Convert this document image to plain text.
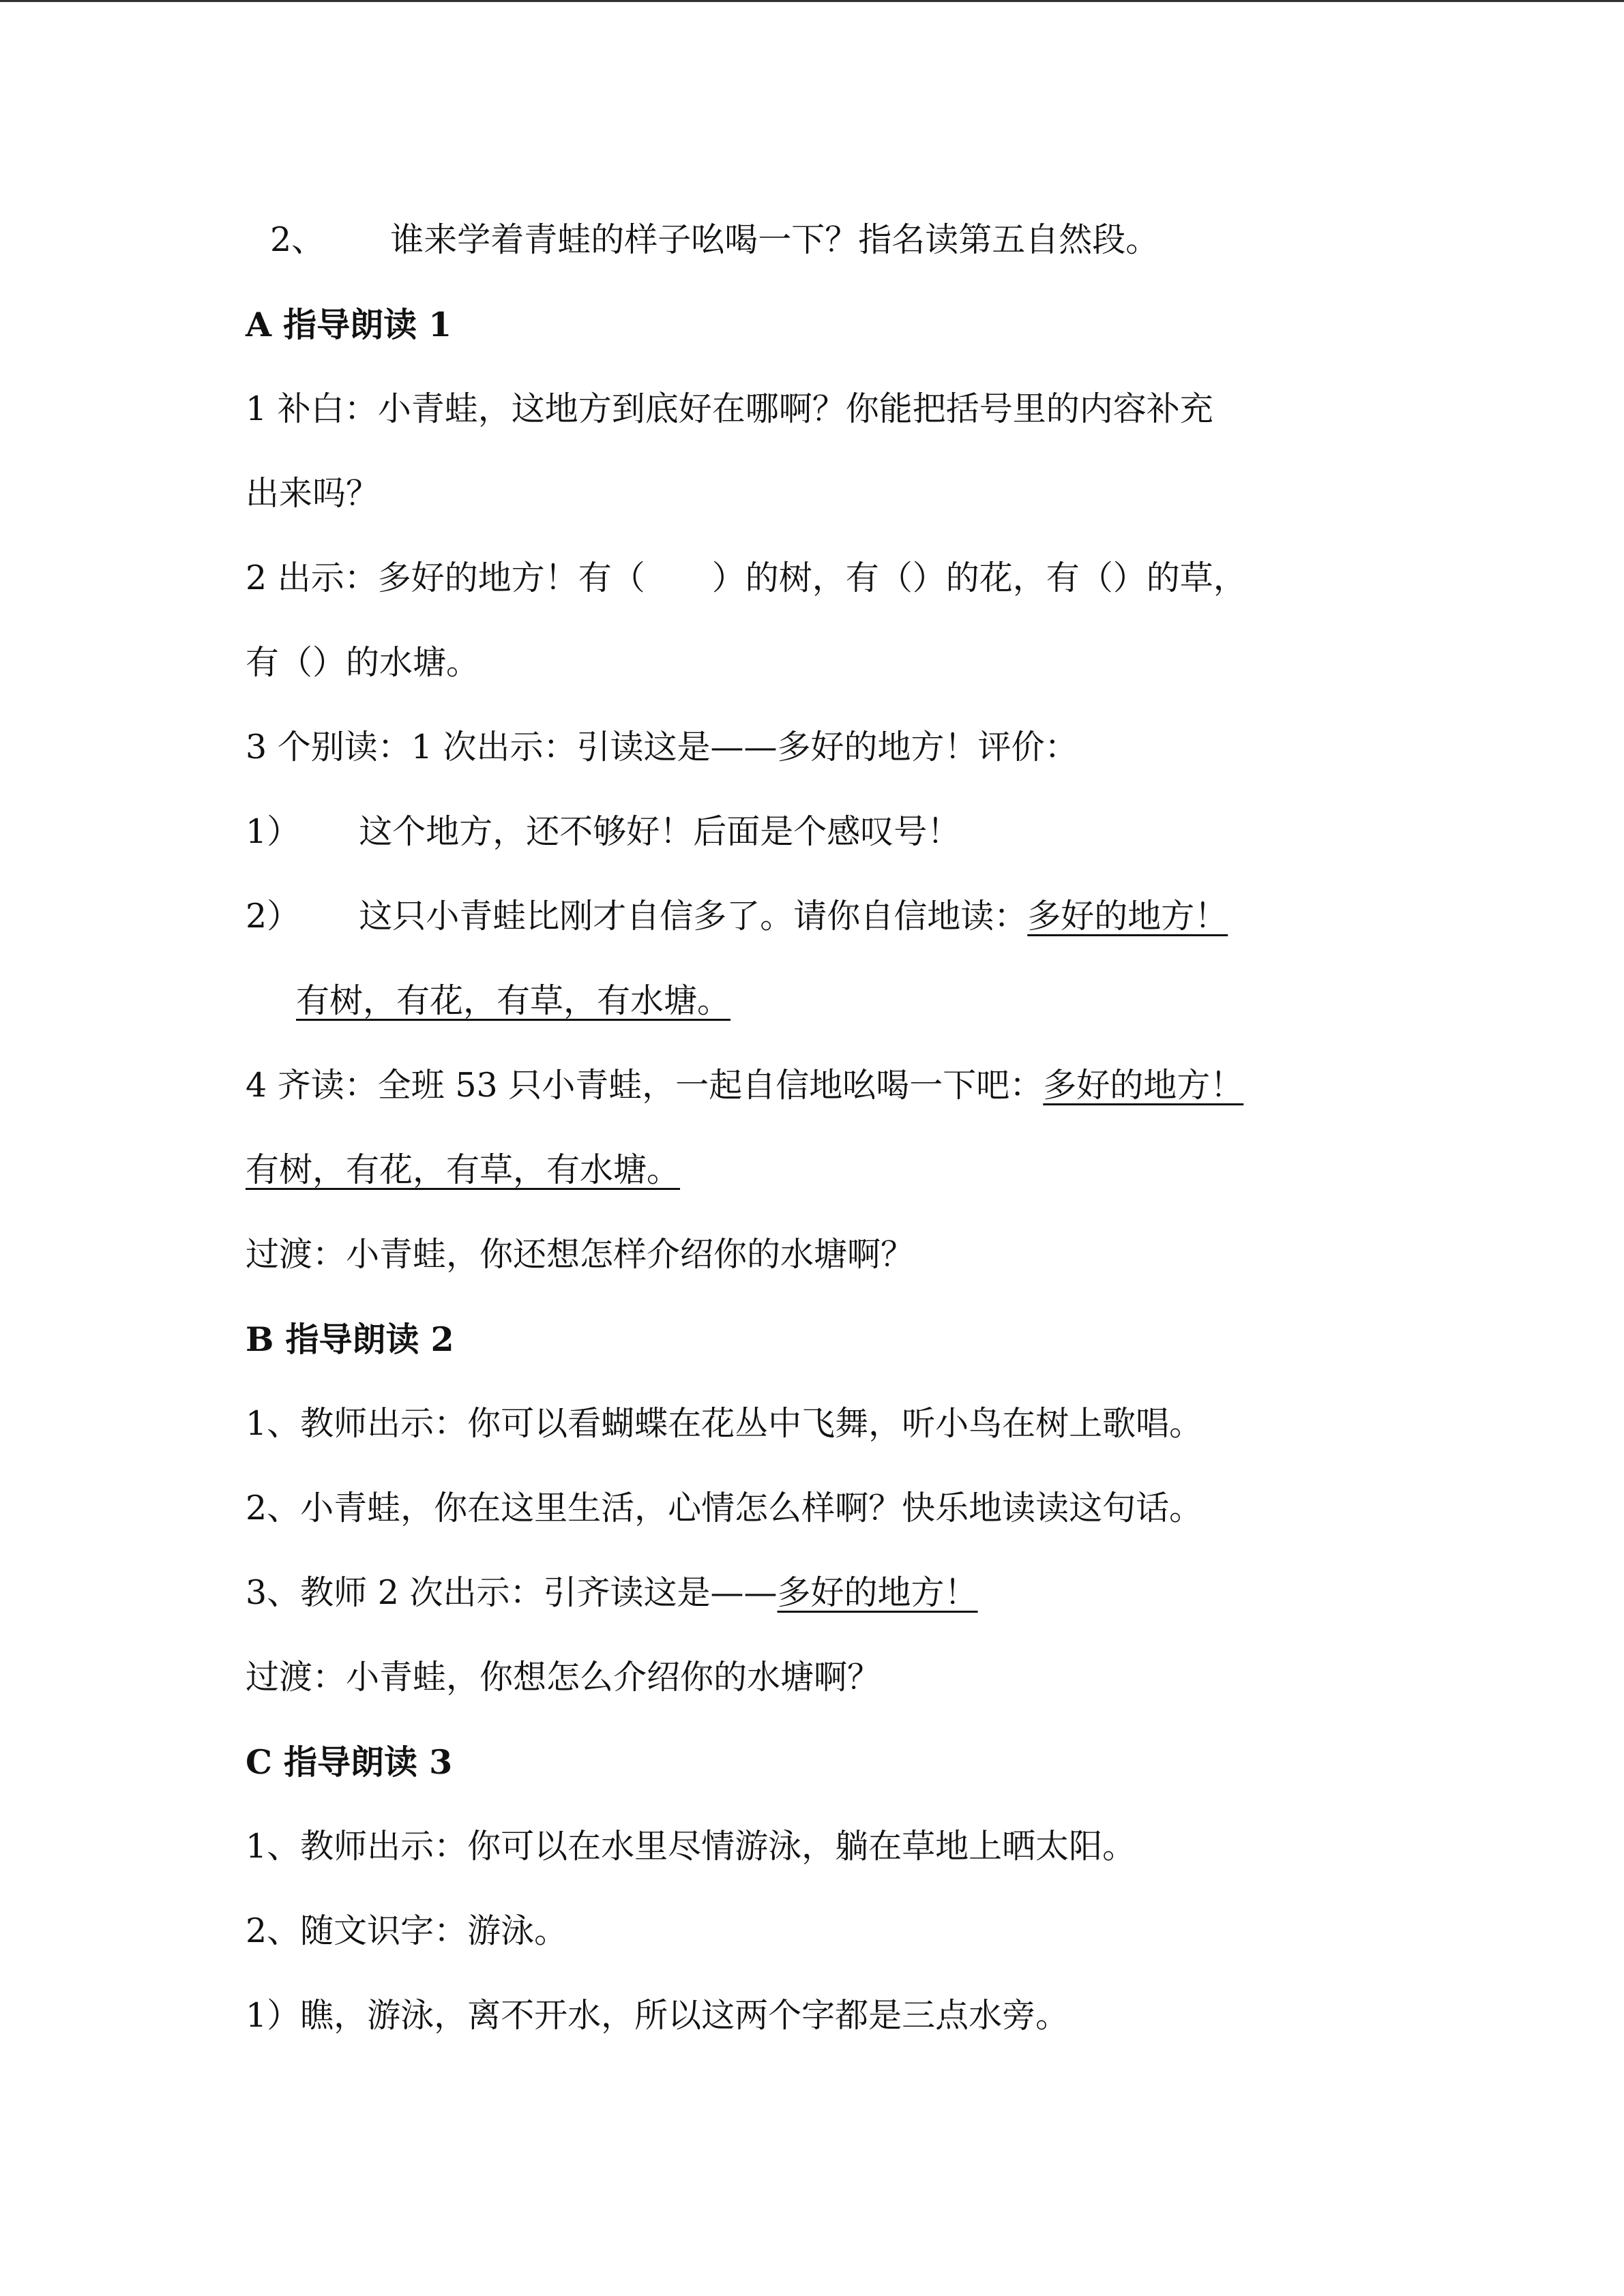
2、 谁来学着青蛙的样子吆喝一下？指名读第五自然段。
A 指导朗读 1
1 补白：小青蛙，这地方到底好在哪啊？你能把括号里的内容补充
出来吗？
2 出示：多好的地方！有（ ）的树，有（）的花，有（）的草，
有（）的水塘。
3 个别读：1 次出示：引读这是——多好的地方！评价：
1） 这个地方，还不够好！后面是个感叹号！
2） 这只小青蛙比刚才自信多了。请你自信地读：多好的地方！
有树，有花，有草，有水塘。
4 齐读：全班 53 只小青蛙，一起自信地吆喝一下吧：多好的地方！
有树，有花，有草，有水塘。
过渡：小青蛙，你还想怎样介绍你的水塘啊？
B 指导朗读 2
1、教师出示：你可以看蝴蝶在花丛中飞舞，听小鸟在树上歌唱。
2、小青蛙，你在这里生活，心情怎么样啊？快乐地读读这句话。
3、教师 2 次出示：引齐读这是——多好的地方！
过渡：小青蛙，你想怎么介绍你的水塘啊？
C 指导朗读 3
1、教师出示：你可以在水里尽情游泳，躺在草地上晒太阳。
2、随文识字：游泳。
1）瞧，游泳，离不开水，所以这两个字都是三点水旁。
